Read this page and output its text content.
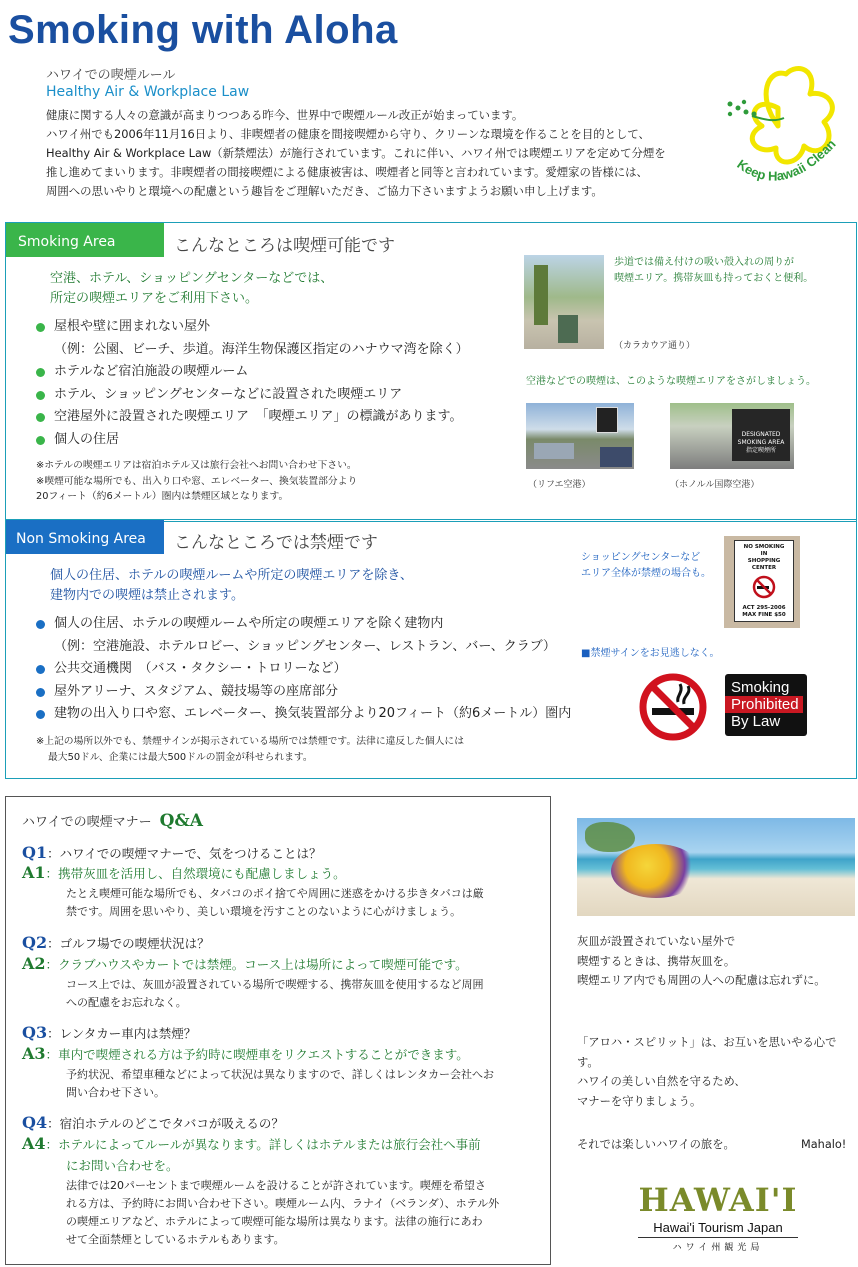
Smoking with Aloha
ハワイでの喫煙ルール
Healthy Air & Workplace Law
健康に関する人々の意識が高まりつつある昨今、世界中で喫煙ルール改正が始まっています。
ハワイ州でも2006年11月16日より、非喫煙者の健康を間接喫煙から守り、クリーンな環境を作ることを目的として、
Healthy Air & Workplace Law（新禁煙法）が施行されています。これに伴い、ハワイ州では喫煙エリアを定めて分煙を
推し進めてまいります。非喫煙者の間接喫煙による健康被害は、喫煙者と同等と言われています。愛煙家の皆様には、
周囲への思いやりと環境への配慮という趣旨をご理解いただき、ご協力下さいますようお願い申し上げます。
Keep Hawaii Clean
Smoking Area	こんなところは喫煙可能です
空港、ホテル、ショッピングセンターなどでは、
所定の喫煙エリアをご利用下さい。
屋根や壁に囲まれない屋外
（例：公園、ビーチ、歩道。海洋生物保護区指定のハナウマ湾を除く）
ホテルなど宿泊施設の喫煙ルーム
ホテル、ショッピングセンターなどに設置された喫煙エリア
空港屋外に設置された喫煙エリア　「喫煙エリア」の標識があります。
個人の住居
※ホテルの喫煙エリアは宿泊ホテル又は旅行会社へお問い合わせ下さい。
※喫煙可能な場所でも、出入り口や窓、エレベーター、換気装置部分より
20フィート（約6メートル）圏内は禁煙区域となります。
歩道では備え付けの吸い殻入れの周りが
喫煙エリア。携帯灰皿も持っておくと便利。
（カラカウア通り）
空港などでの喫煙は、このような喫煙エリアをさがしましょう。
（リフエ空港）
DESIGNATED
SMOKING AREA
指定喫煙所
（ホノルル国際空港）
Non Smoking Area	こんなところでは禁煙です
個人の住居、ホテルの喫煙ルームや所定の喫煙エリアを除き、
建物内での喫煙は禁止されます。
個人の住居、ホテルの喫煙ルームや所定の喫煙エリアを除く建物内
（例：空港施設、ホテルロビー、ショッピングセンター、レストラン、バー、クラブ）
公共交通機関　（バス・タクシー・トロリーなど）
屋外アリーナ、スタジアム、競技場等の座席部分
建物の出入り口や窓、エレベーター、換気装置部分より20フィート（約6メートル）圏内
※上記の場所以外でも、禁煙サインが掲示されている場所では禁煙です。法律に違反した個人には
最大50ドル、企業には最大500ドルの罰金が科せられます。
ショッピングセンターなど
エリア全体が禁煙の場合も。
NO SMOKING
IN
SHOPPING CENTER
ACT 295-2006
MAX FINE $50
■禁煙サインをお見逃しなく。
Smoking
Prohibited
By Law
ハワイでの喫煙マナー Q&A
Q1：ハワイでの喫煙マナーで、気をつけることは？
A1：携帯灰皿を活用し、自然環境にも配慮しましょう。
たとえ喫煙可能な場所でも、タバコのポイ捨てや周囲に迷惑をかける歩きタバコは厳
禁です。周囲を思いやり、美しい環境を汚すことのないように心がけましょう。
Q2：ゴルフ場での喫煙状況は？
A2：クラブハウスやカートでは禁煙。コース上は場所によって喫煙可能です。
コース上では、灰皿が設置されている場所で喫煙する、携帯灰皿を使用するなど周囲
への配慮をお忘れなく。
Q3：レンタカー車内は禁煙？
A3：車内で喫煙される方は予約時に喫煙車をリクエストすることができます。
予約状況、希望車種などによって状況は異なりますので、詳しくはレンタカー会社へお
問い合わせ下さい。
Q4：宿泊ホテルのどこでタバコが吸えるの？
A4：ホテルによってルールが異なります。詳しくはホテルまたは旅行会社へ事前
にお問い合わせを。
法律では20パーセントまで喫煙ルームを設けることが許されています。喫煙を希望さ
れる方は、予約時にお問い合わせ下さい。喫煙ルーム内、ラナイ（ベランダ）、ホテル外
の喫煙エリアなど、ホテルによって喫煙可能な場所は異なります。法律の施行にあわ
せて全面禁煙としているホテルもあります。
灰皿が設置されていない屋外で
喫煙するときは、携帯灰皿を。
喫煙エリア内でも周囲の人への配慮は忘れずに。
「アロハ・スピリット」は、お互いを思いやる心です。
ハワイの美しい自然を守るため、
マナーを守りましょう。
それでは楽しいハワイの旅を。	Mahalo!
HAWAI'I
Hawai'i Tourism Japan
ハワイ州観光局
